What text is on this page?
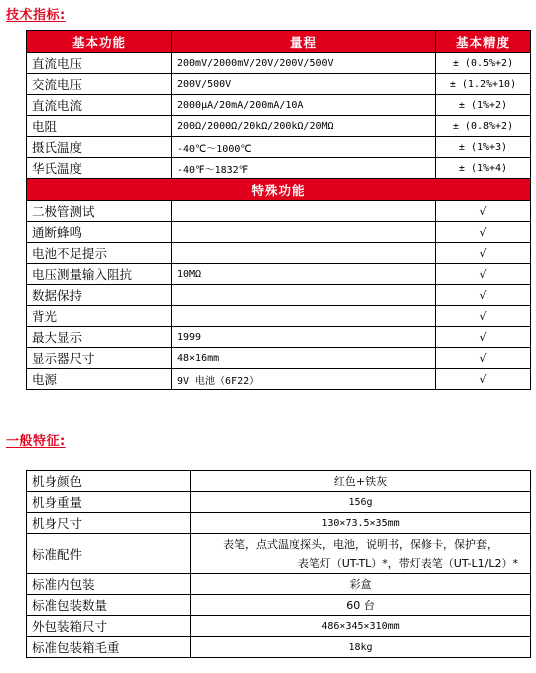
技术指标:
基本功能	量程	基本精度
直流电压	200mV/2000mV/20V/200V/500V	± (0.5%+2)
交流电压	200V/500V	± (1.2%+10)
直流电流	2000μA/20mA/200mA/10A	± (1%+2)
电阻	200Ω/2000Ω/20kΩ/200kΩ/20MΩ	± (0.8%+2)
摄氏温度	-40℃～1000℃	± (1%+3)
华氏温度	-40℉～1832℉	± (1%+4)
特殊功能		
二极管测试		√
通断蜂鸣		√
电池不足提示		√
电压测量输入阻抗	10MΩ	√
数据保持		√
背光		√
最大显示	1999	√
显示器尺寸	48×16mm	√
电源	9V 电池（6F22）	√
一般特征:
机身颜色	红色+铁灰
机身重量	156g
机身尺寸	130×73.5×35mm
标准配件	表笔，点式温度探头，电池，说明书，保修卡，保护套，
表笔灯（UT-TL）*，带灯表笔（UT-L1/L2）*

标准内包装	彩盒
标准包装数量	60 台
外包装箱尺寸	486×345×310mm
标准包装箱毛重	18kg
